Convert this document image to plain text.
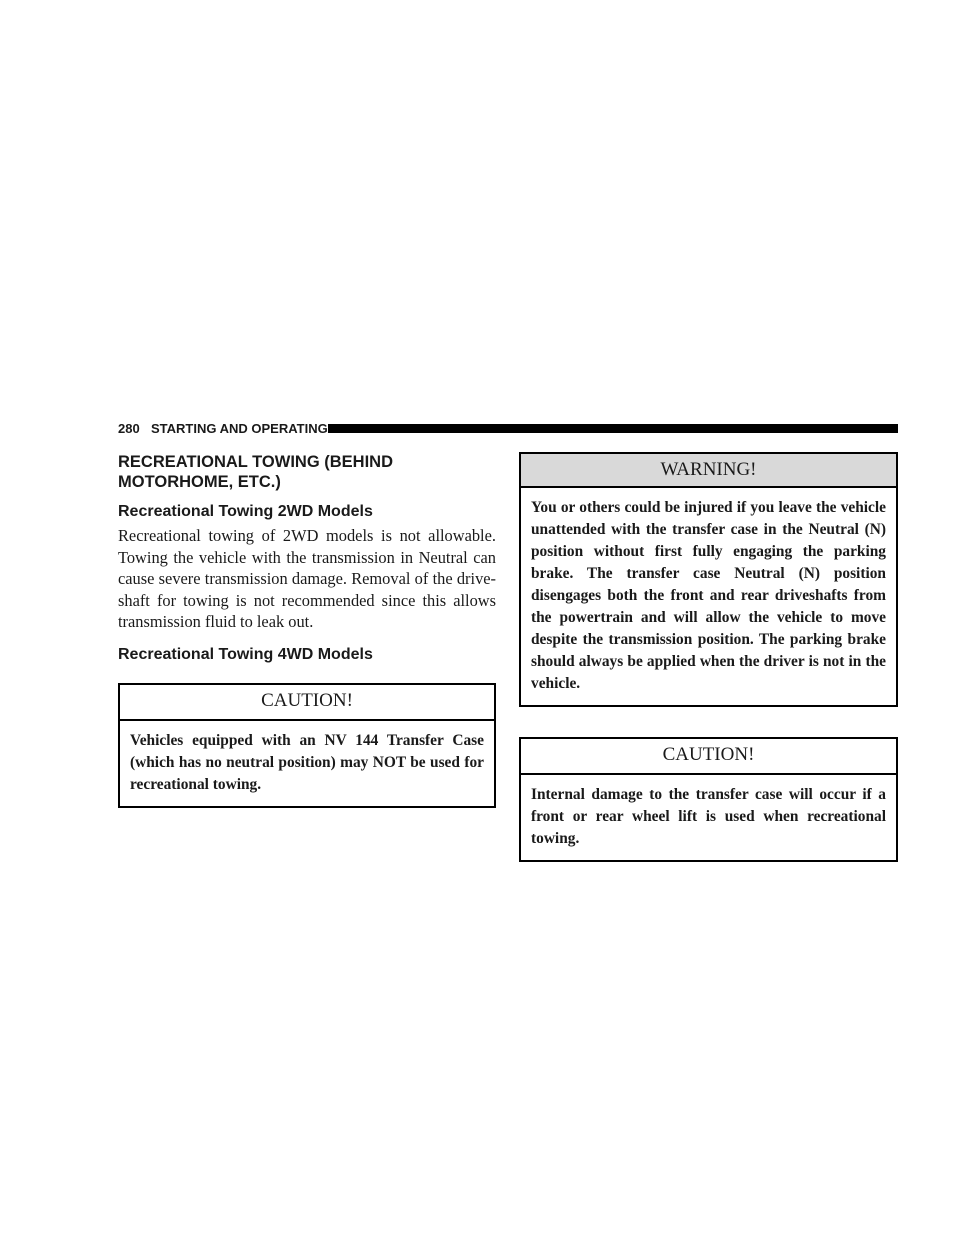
280 STARTING AND OPERATING
RECREATIONAL TOWING (BEHIND MOTORHOME, ETC.)
Recreational Towing 2WD Models

Recreational towing of 2WD models is not allowable. Towing the vehicle with the transmission in Neutral can cause severe transmission damage. Removal of the drive-shaft for towing is not recommended since this allows transmission fluid to leak out.

Recreational Towing 4WD Models
CAUTION!
Vehicles equipped with an NV 144 Transfer Case (which has no neutral position) may NOT be used for recreational towing.
WARNING!
You or others could be injured if you leave the vehicle unattended with the transfer case in the Neutral (N) position without first fully engaging the parking brake. The transfer case Neutral (N) position disengages both the front and rear driveshafts from the powertrain and will allow the vehicle to move despite the transmission position. The parking brake should always be applied when the driver is not in the vehicle.
CAUTION!
Internal damage to the transfer case will occur if a front or rear wheel lift is used when recreational towing.
